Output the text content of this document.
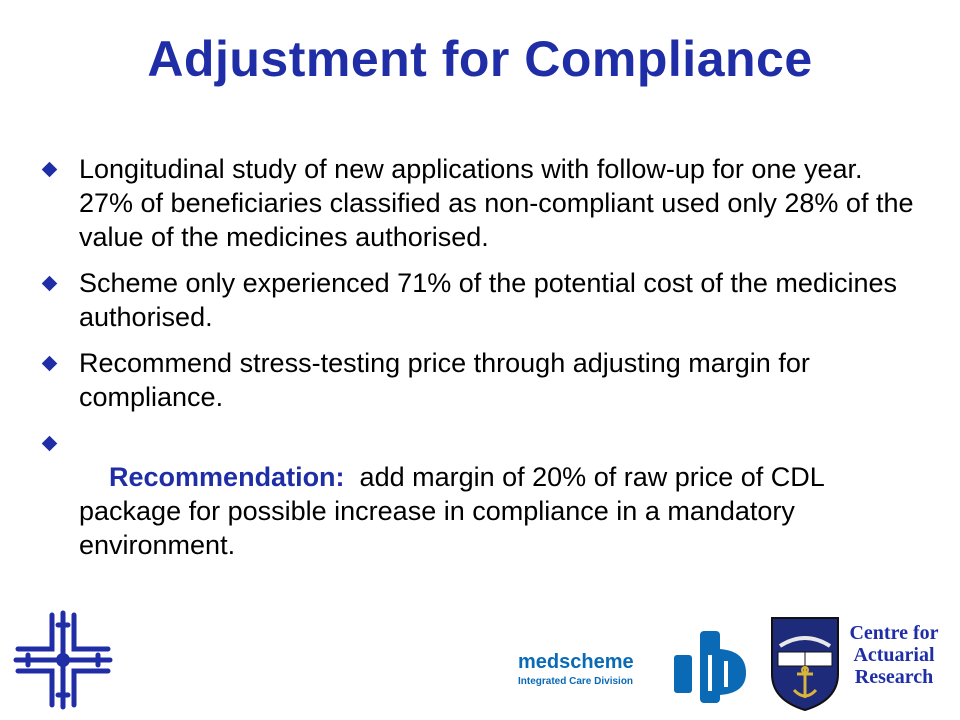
Adjustment for Compliance
Longitudinal study of new applications with follow-up for one year. 27% of beneficiaries classified as non-compliant used only 28% of the value of the medicines authorised.
Scheme only experienced 71% of the potential cost of the medicines authorised.
Recommend stress-testing price through adjusting margin for compliance.

Recommendation:  add margin of 20% of raw price of CDL package for possible increase in compliance in a mandatory environment.

medscheme
Integrated Care Division
Centre for
Actuarial
Research
